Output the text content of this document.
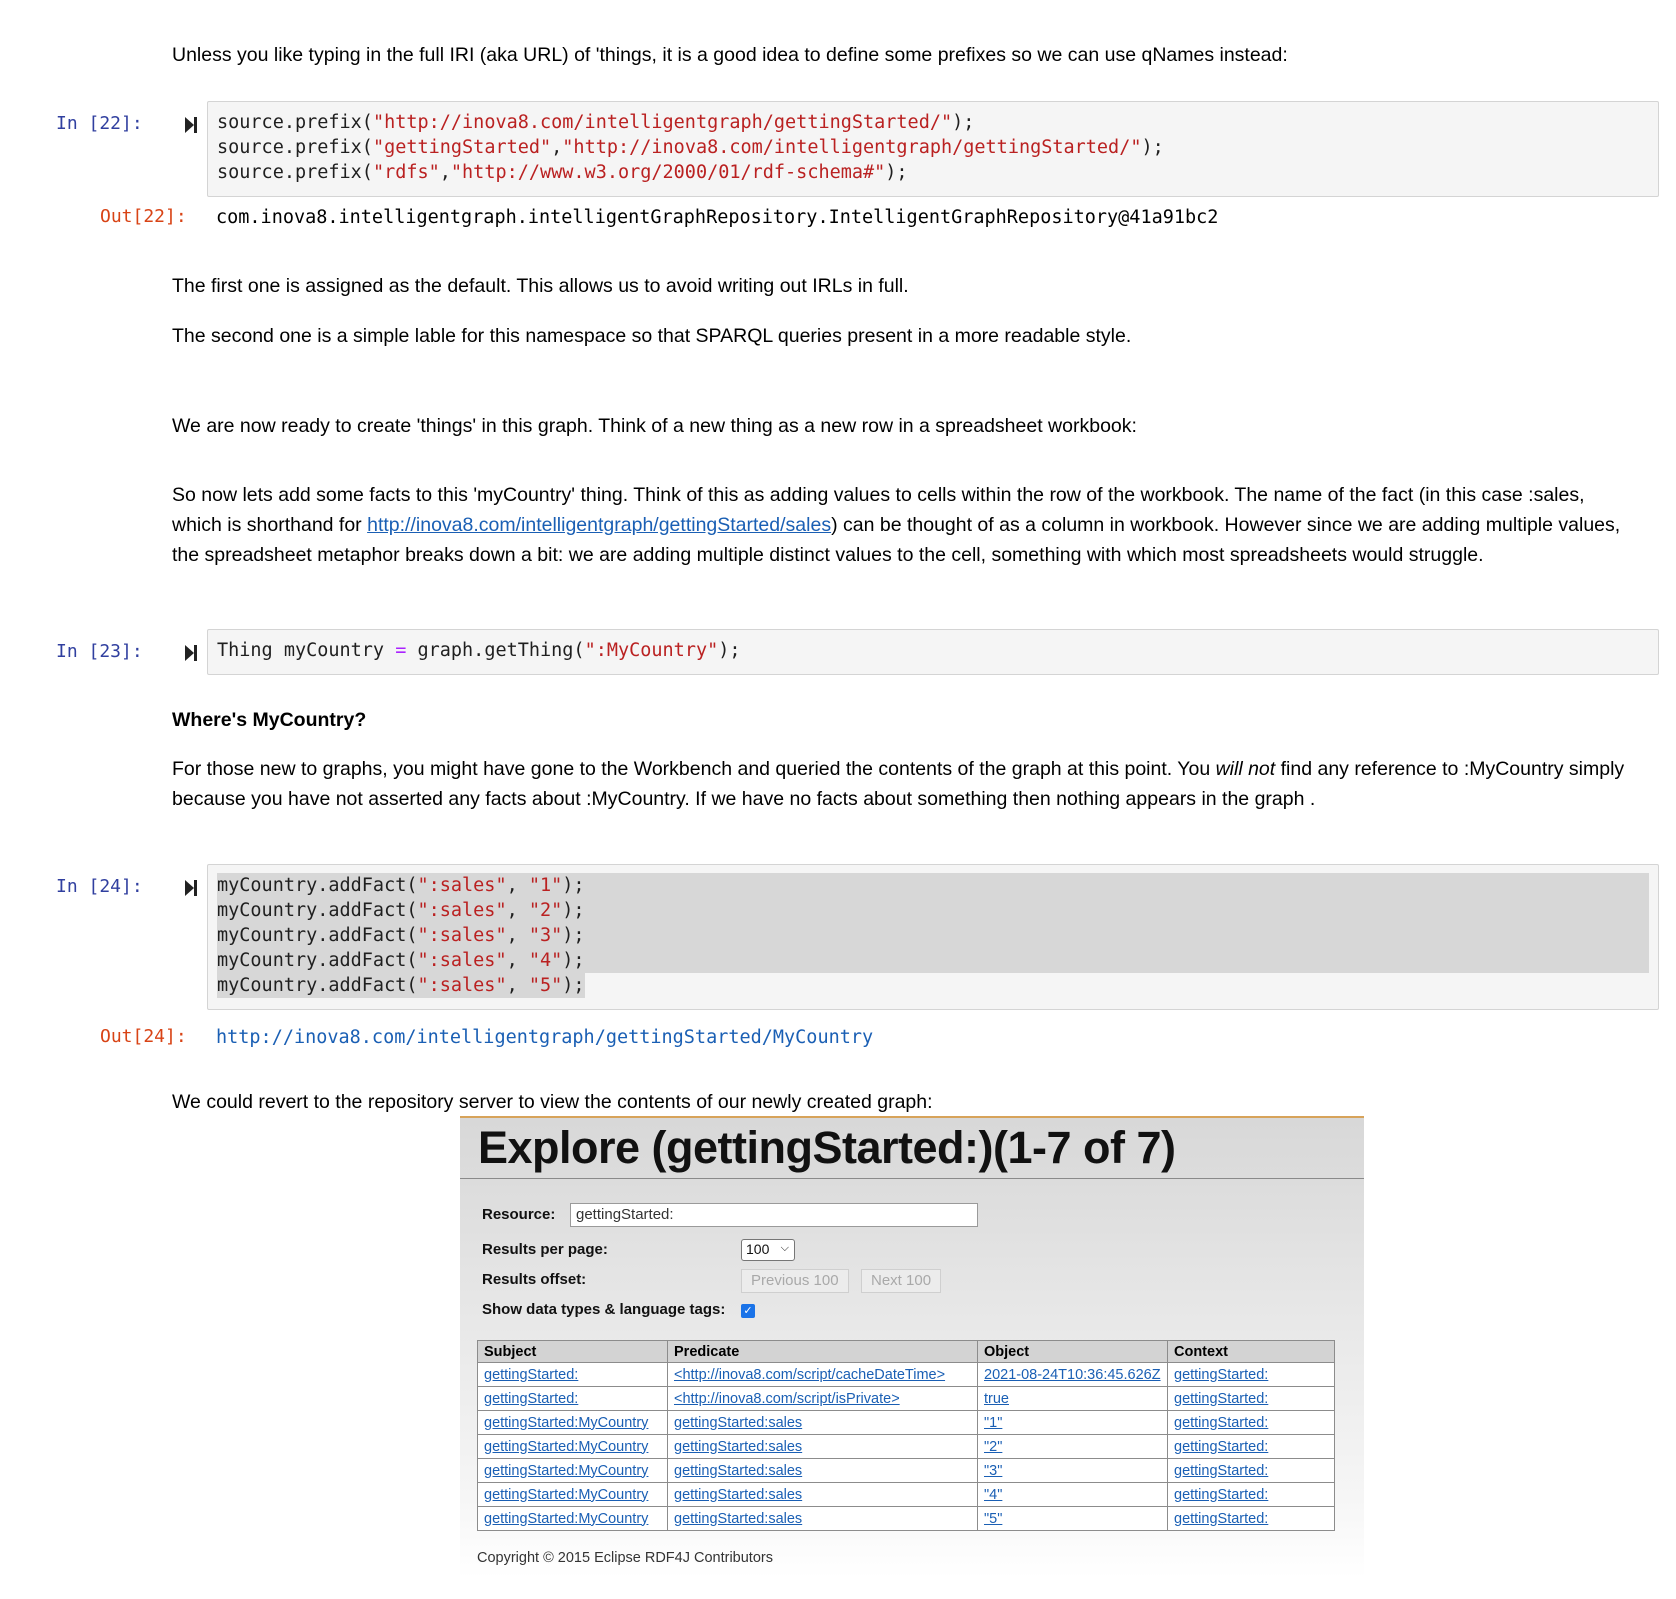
Unless you like typing in the full IRI (aka URL) of 'things, it is a good idea to define some prefixes so we can use qNames instead:

In [22]:	source.prefix("http://inova8.com/intelligentgraph/gettingStarted/");
source.prefix("gettingStarted","http://inova8.com/intelligentgraph/gettingStarted/");
source.prefix("rdfs","http://www.w3.org/2000/01/rdf-schema#");
Out[22]:	com.inova8.intelligentgraph.intelligentGraphRepository.IntelligentGraphRepository@41a91bc2

The first one is assigned as the default. This allows us to avoid writing out IRLs in full.

The second one is a simple lable for this namespace so that SPARQL queries present in a more readable style.

We are now ready to create 'things' in this graph. Think of a new thing as a new row in a spreadsheet workbook:

So now lets add some facts to this 'myCountry' thing. Think of this as adding values to cells within the row of the workbook. The name of the fact (in this case :sales, which is shorthand for http://inova8.com/intelligentgraph/gettingStarted/sales) can be thought of as a column in workbook. However since we are adding multiple values, the spreadsheet metaphor breaks down a bit: we are adding multiple distinct values to the cell, something with which most spreadsheets would struggle.

In [23]:	Thing myCountry = graph.getThing(":MyCountry");

Where's MyCountry?

For those new to graphs, you might have gone to the Workbench and queried the contents of the graph at this point. You will not find any reference to :MyCountry simply because you have not asserted any facts about :MyCountry. If we have no facts about something then nothing appears in the graph .

In [24]:	myCountry.addFact(":sales", "1");
myCountry.addFact(":sales", "2");
myCountry.addFact(":sales", "3");
myCountry.addFact(":sales", "4");
myCountry.addFact(":sales", "5");
Out[24]:	http://inova8.com/intelligentgraph/gettingStarted/MyCountry

We could revert to the repository server to view the contents of our newly created graph:

Explore (gettingStarted:)(1-7 of 7)
Resource:	gettingStarted:
Results per page:	100 ⌵
Results offset:	Previous 100	Next 100
Show data types & language tags: ✓
Subject	Predicate	Object	Context
gettingStarted:	<http://inova8.com/script/cacheDateTime>	2021-08-24T10:36:45.626Z	gettingStarted:
gettingStarted:	<http://inova8.com/script/isPrivate>	true	gettingStarted:
gettingStarted:MyCountry	gettingStarted:sales	"1"	gettingStarted:
gettingStarted:MyCountry	gettingStarted:sales	"2"	gettingStarted:
gettingStarted:MyCountry	gettingStarted:sales	"3"	gettingStarted:
gettingStarted:MyCountry	gettingStarted:sales	"4"	gettingStarted:
gettingStarted:MyCountry	gettingStarted:sales	"5"	gettingStarted:
Copyright © 2015 Eclipse RDF4J Contributors
